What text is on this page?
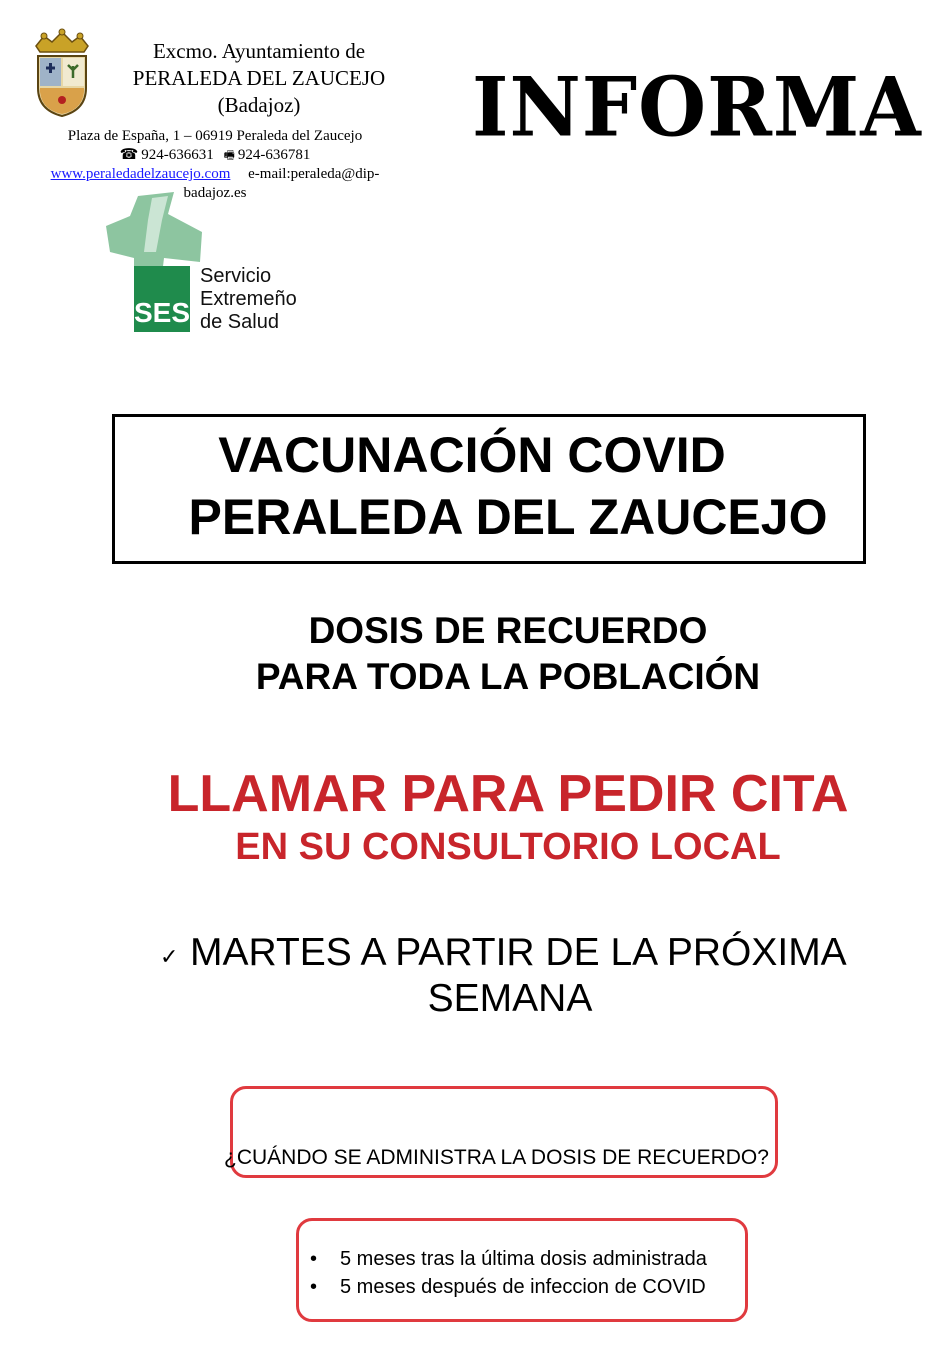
Excmo. Ayuntamiento de
PERALEDA DEL ZAUCEJO
(Badajoz)
Plaza de España, 1 – 06919 Peraleda del Zaucejo
☎ 924-636631 🖷 924-636781
www.peraledadelzaucejo.com e-mail:peraleda@dip-badajoz.es
INFORMA
SES
Servicio
Extremeño
de Salud
VACUNACIÓN COVID
PERALEDA DEL ZAUCEJO
DOSIS DE RECUERDO
PARA TODA LA POBLACIÓN
LLAMAR PARA PEDIR CITA
EN SU CONSULTORIO LOCAL
✓ MARTES A PARTIR DE LA PRÓXIMA
SEMANA
¿CUÁNDO SE ADMINISTRA LA DOSIS DE RECUERDO?
• 5 meses tras la última dosis administrada
• 5 meses después de infeccion de COVID
